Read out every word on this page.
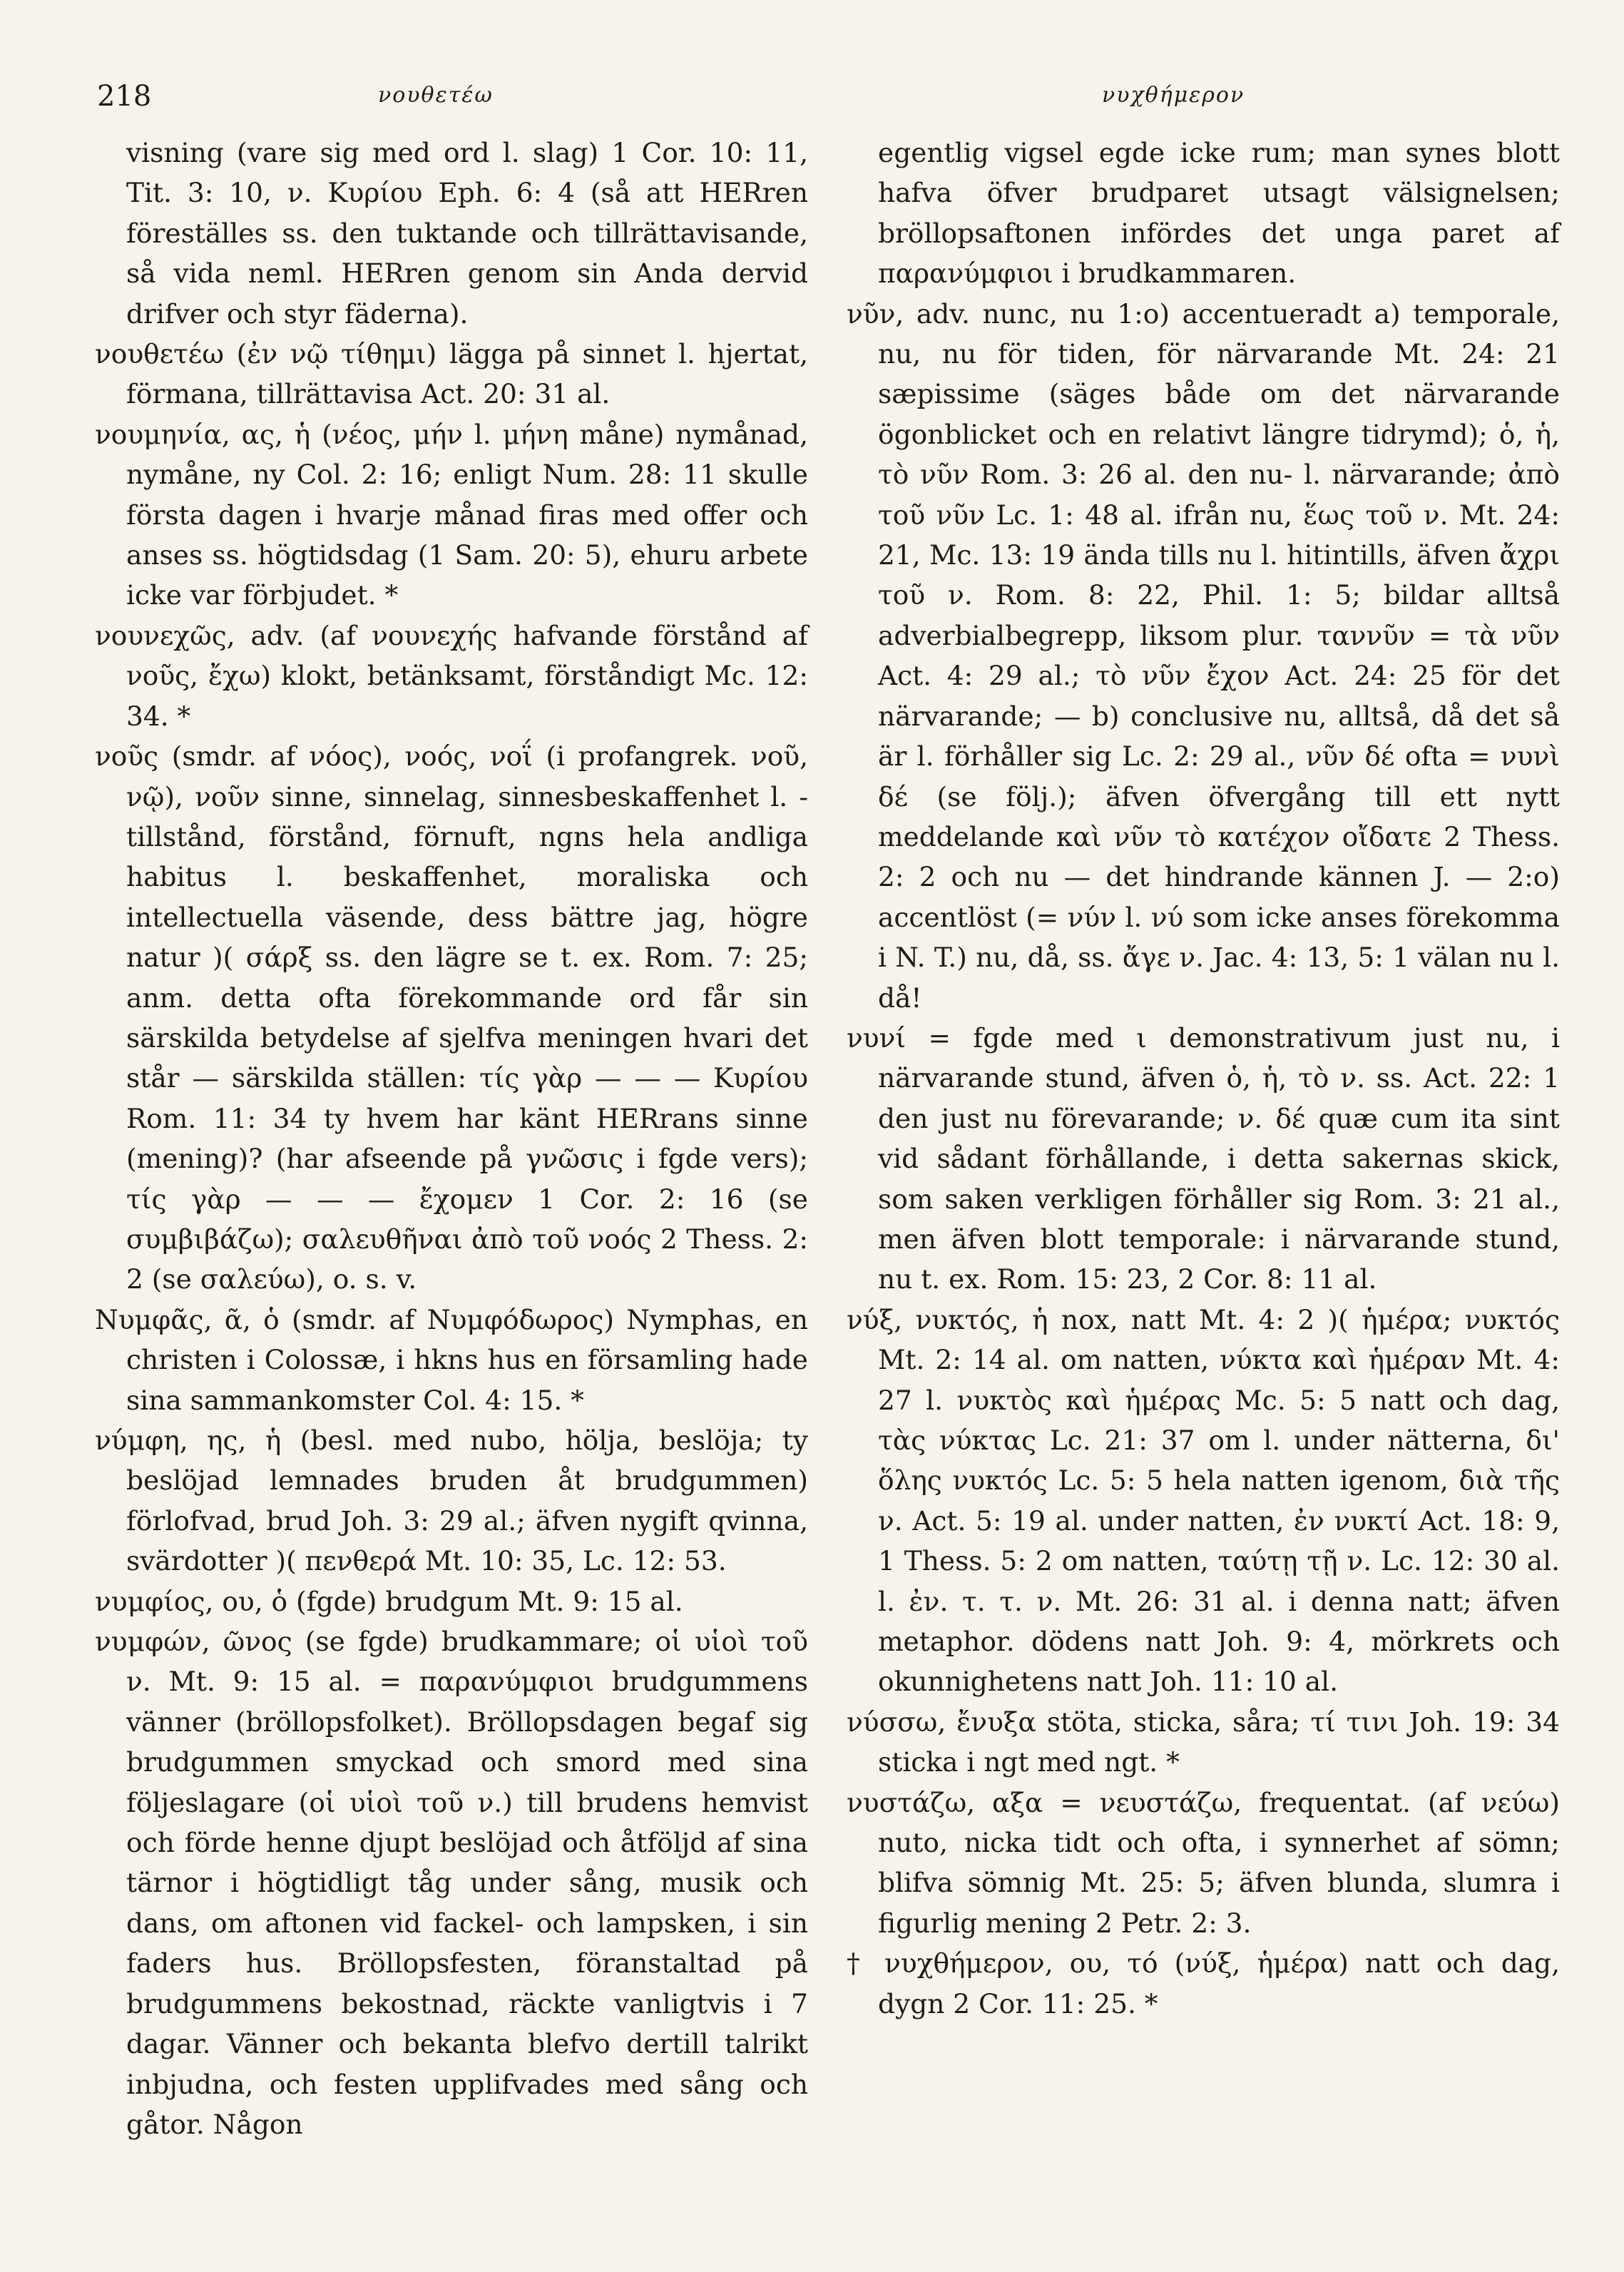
218	νουθετέω	νυχθήμερον

visning (vare sig med ord l. slag) 1 Cor. 10: 11, Tit. 3: 10, ν. Κυρίου Eph. 6: 4 (så att HERren föreställes ss. den tuktande och tillrättavisande, så vida neml. HERren genom sin Anda dervid drifver och styr fäderna).

νουθετέω (ἐν νῷ τίθημι) lägga på sinnet l. hjertat, förmana, tillrättavisa Act. 20: 31 al.

νουμηνία, ας, ἡ (νέος, μήν l. μήνη måne) nymånad, nymåne, ny Col. 2: 16; enligt Num. 28: 11 skulle första dagen i hvarje månad firas med offer och anses ss. högtidsdag (1 Sam. 20: 5), ehuru arbete icke var förbjudet. *

νουνεχῶς, adv. (af νουνεχής hafvande förstånd af νοῦς, ἔχω) klokt, betänksamt, förståndigt Mc. 12: 34. *

νοῦς (smdr. af νόος), νοός, νοΐ (i profangrek. νοῦ, νῷ), νοῦν sinne, sinnelag, sinnesbeskaffenhet l. -tillstånd, förstånd, förnuft, ngns hela andliga habitus l. beskaffenhet, moraliska och intellectuella väsende, dess bättre jag, högre natur )( σάρξ ss. den lägre se t. ex. Rom. 7: 25; anm. detta ofta förekommande ord får sin särskilda betydelse af sjelfva meningen hvari det står — särskilda ställen: τίς γὰρ — — — Κυρίου Rom. 11: 34 ty hvem har känt HERrans sinne (mening)? (har afseende på γνῶσις i fgde vers); τίς γὰρ — — — ἔχομεν 1 Cor. 2: 16 (se συμβιβάζω); σαλευθῆναι ἀπὸ τοῦ νοός 2 Thess. 2: 2 (se σαλεύω), o. s. v.

Νυμφᾶς, ᾶ, ὁ (smdr. af Νυμφόδωρος) Nymphas, en christen i Colossæ, i hkns hus en församling hade sina sammankomster Col. 4: 15. *

νύμφη, ης, ἡ (besl. med nubo, hölja, beslöja; ty beslöjad lemnades bruden åt brudgummen) förlofvad, brud Joh. 3: 29 al.; äfven nygift qvinna, svärdotter )( πενθερά Mt. 10: 35, Lc. 12: 53.

νυμφίος, ου, ὁ (fgde) brudgum Mt. 9: 15 al.

νυμφών, ῶνος (se fgde) brudkammare; οἱ υἱοὶ τοῦ ν. Mt. 9: 15 al. = παρανύμφιοι brudgummens vänner (bröllopsfolket). Bröllopsdagen begaf sig brudgummen smyckad och smord med sina följeslagare (οἱ υἱοὶ τοῦ ν.) till brudens hemvist och förde henne djupt beslöjad och åtföljd af sina tärnor i högtidligt tåg under sång, musik och dans, om aftonen vid fackel- och lampsken, i sin faders hus. Bröllopsfesten, föranstaltad på brudgummens bekostnad, räckte vanligtvis i 7 dagar. Vänner och bekanta blefvo dertill talrikt inbjudna, och festen upplifvades med sång och gåtor. Någon

egentlig vigsel egde icke rum; man synes blott hafva öfver brudparet utsagt välsignelsen; bröllopsaftonen infördes det unga paret af παρανύμφιοι i brudkammaren.

νῦν, adv. nunc, nu 1:o) accentueradt a) temporale, nu, nu för tiden, för närvarande Mt. 24: 21 sæpissime (säges både om det närvarande ögonblicket och en relativt längre tidrymd); ὁ, ἡ, τὸ νῦν Rom. 3: 26 al. den nu- l. närvarande; ἀπὸ τοῦ νῦν Lc. 1: 48 al. ifrån nu, ἕως τοῦ ν. Mt. 24: 21, Mc. 13: 19 ända tills nu l. hitintills, äfven ἄχρι τοῦ ν. Rom. 8: 22, Phil. 1: 5; bildar alltså adverbialbegrepp, liksom plur. ταννῦν = τὰ νῦν Act. 4: 29 al.; τὸ νῦν ἔχον Act. 24: 25 för det närvarande; — b) conclusive nu, alltså, då det så är l. förhåller sig Lc. 2: 29 al., νῦν δέ ofta = νυνὶ δέ (se följ.); äfven öfvergång till ett nytt meddelande καὶ νῦν τὸ κατέχον οἴδατε 2 Thess. 2: 2 och nu — det hindrande kännen J. — 2:o) accentlöst (= νύν l. νύ som icke anses förekomma i N. T.) nu, då, ss. ἄγε ν. Jac. 4: 13, 5: 1 välan nu l. då!

νυνί = fgde med ι demonstrativum just nu, i närvarande stund, äfven ὁ, ἡ, τὸ ν. ss. Act. 22: 1 den just nu förevarande; ν. δέ quæ cum ita sint vid sådant förhållande, i detta sakernas skick, som saken verkligen förhåller sig Rom. 3: 21 al., men äfven blott temporale: i närvarande stund, nu t. ex. Rom. 15: 23, 2 Cor. 8: 11 al.

νύξ, νυκτός, ἡ nox, natt Mt. 4: 2 )( ἡμέρα; νυκτός Mt. 2: 14 al. om natten, νύκτα καὶ ἡμέραν Mt. 4: 27 l. νυκτὸς καὶ ἡμέρας Mc. 5: 5 natt och dag, τὰς νύκτας Lc. 21: 37 om l. under nätterna, δι' ὅλης νυκτός Lc. 5: 5 hela natten igenom, διὰ τῆς ν. Act. 5: 19 al. under natten, ἐν νυκτί Act. 18: 9, 1 Thess. 5: 2 om natten, ταύτῃ τῇ ν. Lc. 12: 30 al. l. ἐν. τ. τ. ν. Mt. 26: 31 al. i denna natt; äfven metaphor. dödens natt Joh. 9: 4, mörkrets och okunnighetens natt Joh. 11: 10 al.

νύσσω, ἔνυξα stöta, sticka, såra; τί τινι Joh. 19: 34 sticka i ngt med ngt. *

νυστάζω, αξα = νευστάζω, frequentat. (af νεύω) nuto, nicka tidt och ofta, i synnerhet af sömn; blifva sömnig Mt. 25: 5; äfven blunda, slumra i figurlig mening 2 Petr. 2: 3.

† νυχθήμερον, ου, τό (νύξ, ἡμέρα) natt och dag, dygn 2 Cor. 11: 25. *
